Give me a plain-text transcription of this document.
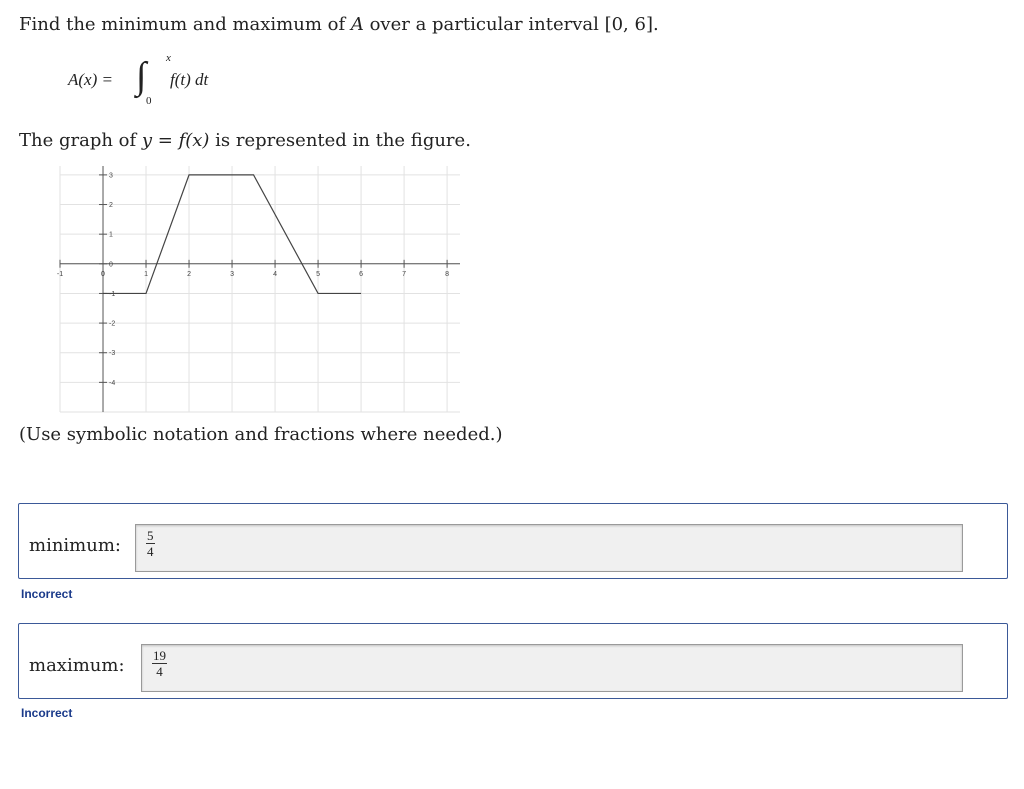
Find the minimum and maximum of A over a particular interval [0, 6].
A(x) = ∫ x
0
f(t) dt
The graph of y = f(x) is represented in the figure.
-1	0	1	2	3	4	5	6	7	8
3
2
1
0
-1
-2
-3
-4
(Use symbolic notation and fractions where needed.)
minimum: $\frac{5}{4}$
Incorrect
maximum: $\frac{19}{4}$
Incorrect
